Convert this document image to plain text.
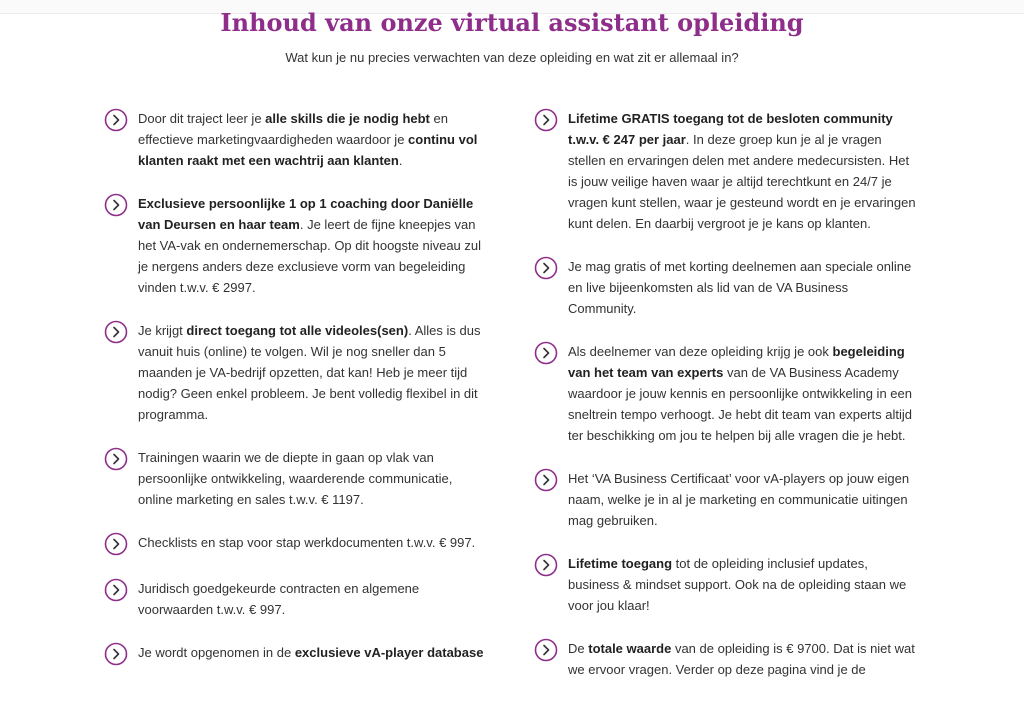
Inhoud van onze virtual assistant opleiding

Wat kun je nu precies verwachten van deze opleiding en wat zit er allemaal in?

Door dit traject leer je alle skills die je nodig hebt en effectieve marketingvaardigheden waardoor je continu vol klanten raakt met een wachtrij aan klanten.
Exclusieve persoonlijke 1 op 1 coaching door Daniëlle van Deursen en haar team. Je leert de fijne kneepjes van het VA-vak en ondernemerschap. Op dit hoogste niveau zul je nergens anders deze exclusieve vorm van begeleiding vinden t.w.v. € 2997.
Je krijgt direct toegang tot alle videoles(sen). Alles is dus vanuit huis (online) te volgen. Wil je nog sneller dan 5 maanden je VA-bedrijf opzetten, dat kan! Heb je meer tijd nodig? Geen enkel probleem. Je bent volledig flexibel in dit programma.
Trainingen waarin we de diepte in gaan op vlak van persoonlijke ontwikkeling, waarderende communicatie, online marketing en sales t.w.v. € 1197.
Checklists en stap voor stap werkdocumenten t.w.v. € 997.
Juridisch goedgekeurde contracten en algemene voorwaarden t.w.v. € 997.
Je wordt opgenomen in de exclusieve vA-player database
Lifetime GRATIS toegang tot de besloten community t.w.v. € 247 per jaar. In deze groep kun je al je vragen stellen en ervaringen delen met andere medecursisten. Het is jouw veilige haven waar je altijd terechtkunt en 24/7 je vragen kunt stellen, waar je gesteund wordt en je ervaringen kunt delen. En daarbij vergroot je je kans op klanten.
Je mag gratis of met korting deelnemen aan speciale online en live bijeenkomsten als lid van de VA Business Community.
Als deelnemer van deze opleiding krijg je ook begeleiding van het team van experts van de VA Business Academy waardoor je jouw kennis en persoonlijke ontwikkeling in een sneltrein tempo verhoogt. Je hebt dit team van experts altijd ter beschikking om jou te helpen bij alle vragen die je hebt.
Het ‘VA Business Certificaat’ voor vA-players op jouw eigen naam, welke je in al je marketing en communicatie uitingen mag gebruiken.
Lifetime toegang tot de opleiding inclusief updates, business & mindset support. Ook na de opleiding staan we voor jou klaar!
De totale waarde van de opleiding is € 9700. Dat is niet wat we ervoor vragen. Verder op deze pagina vind je de
